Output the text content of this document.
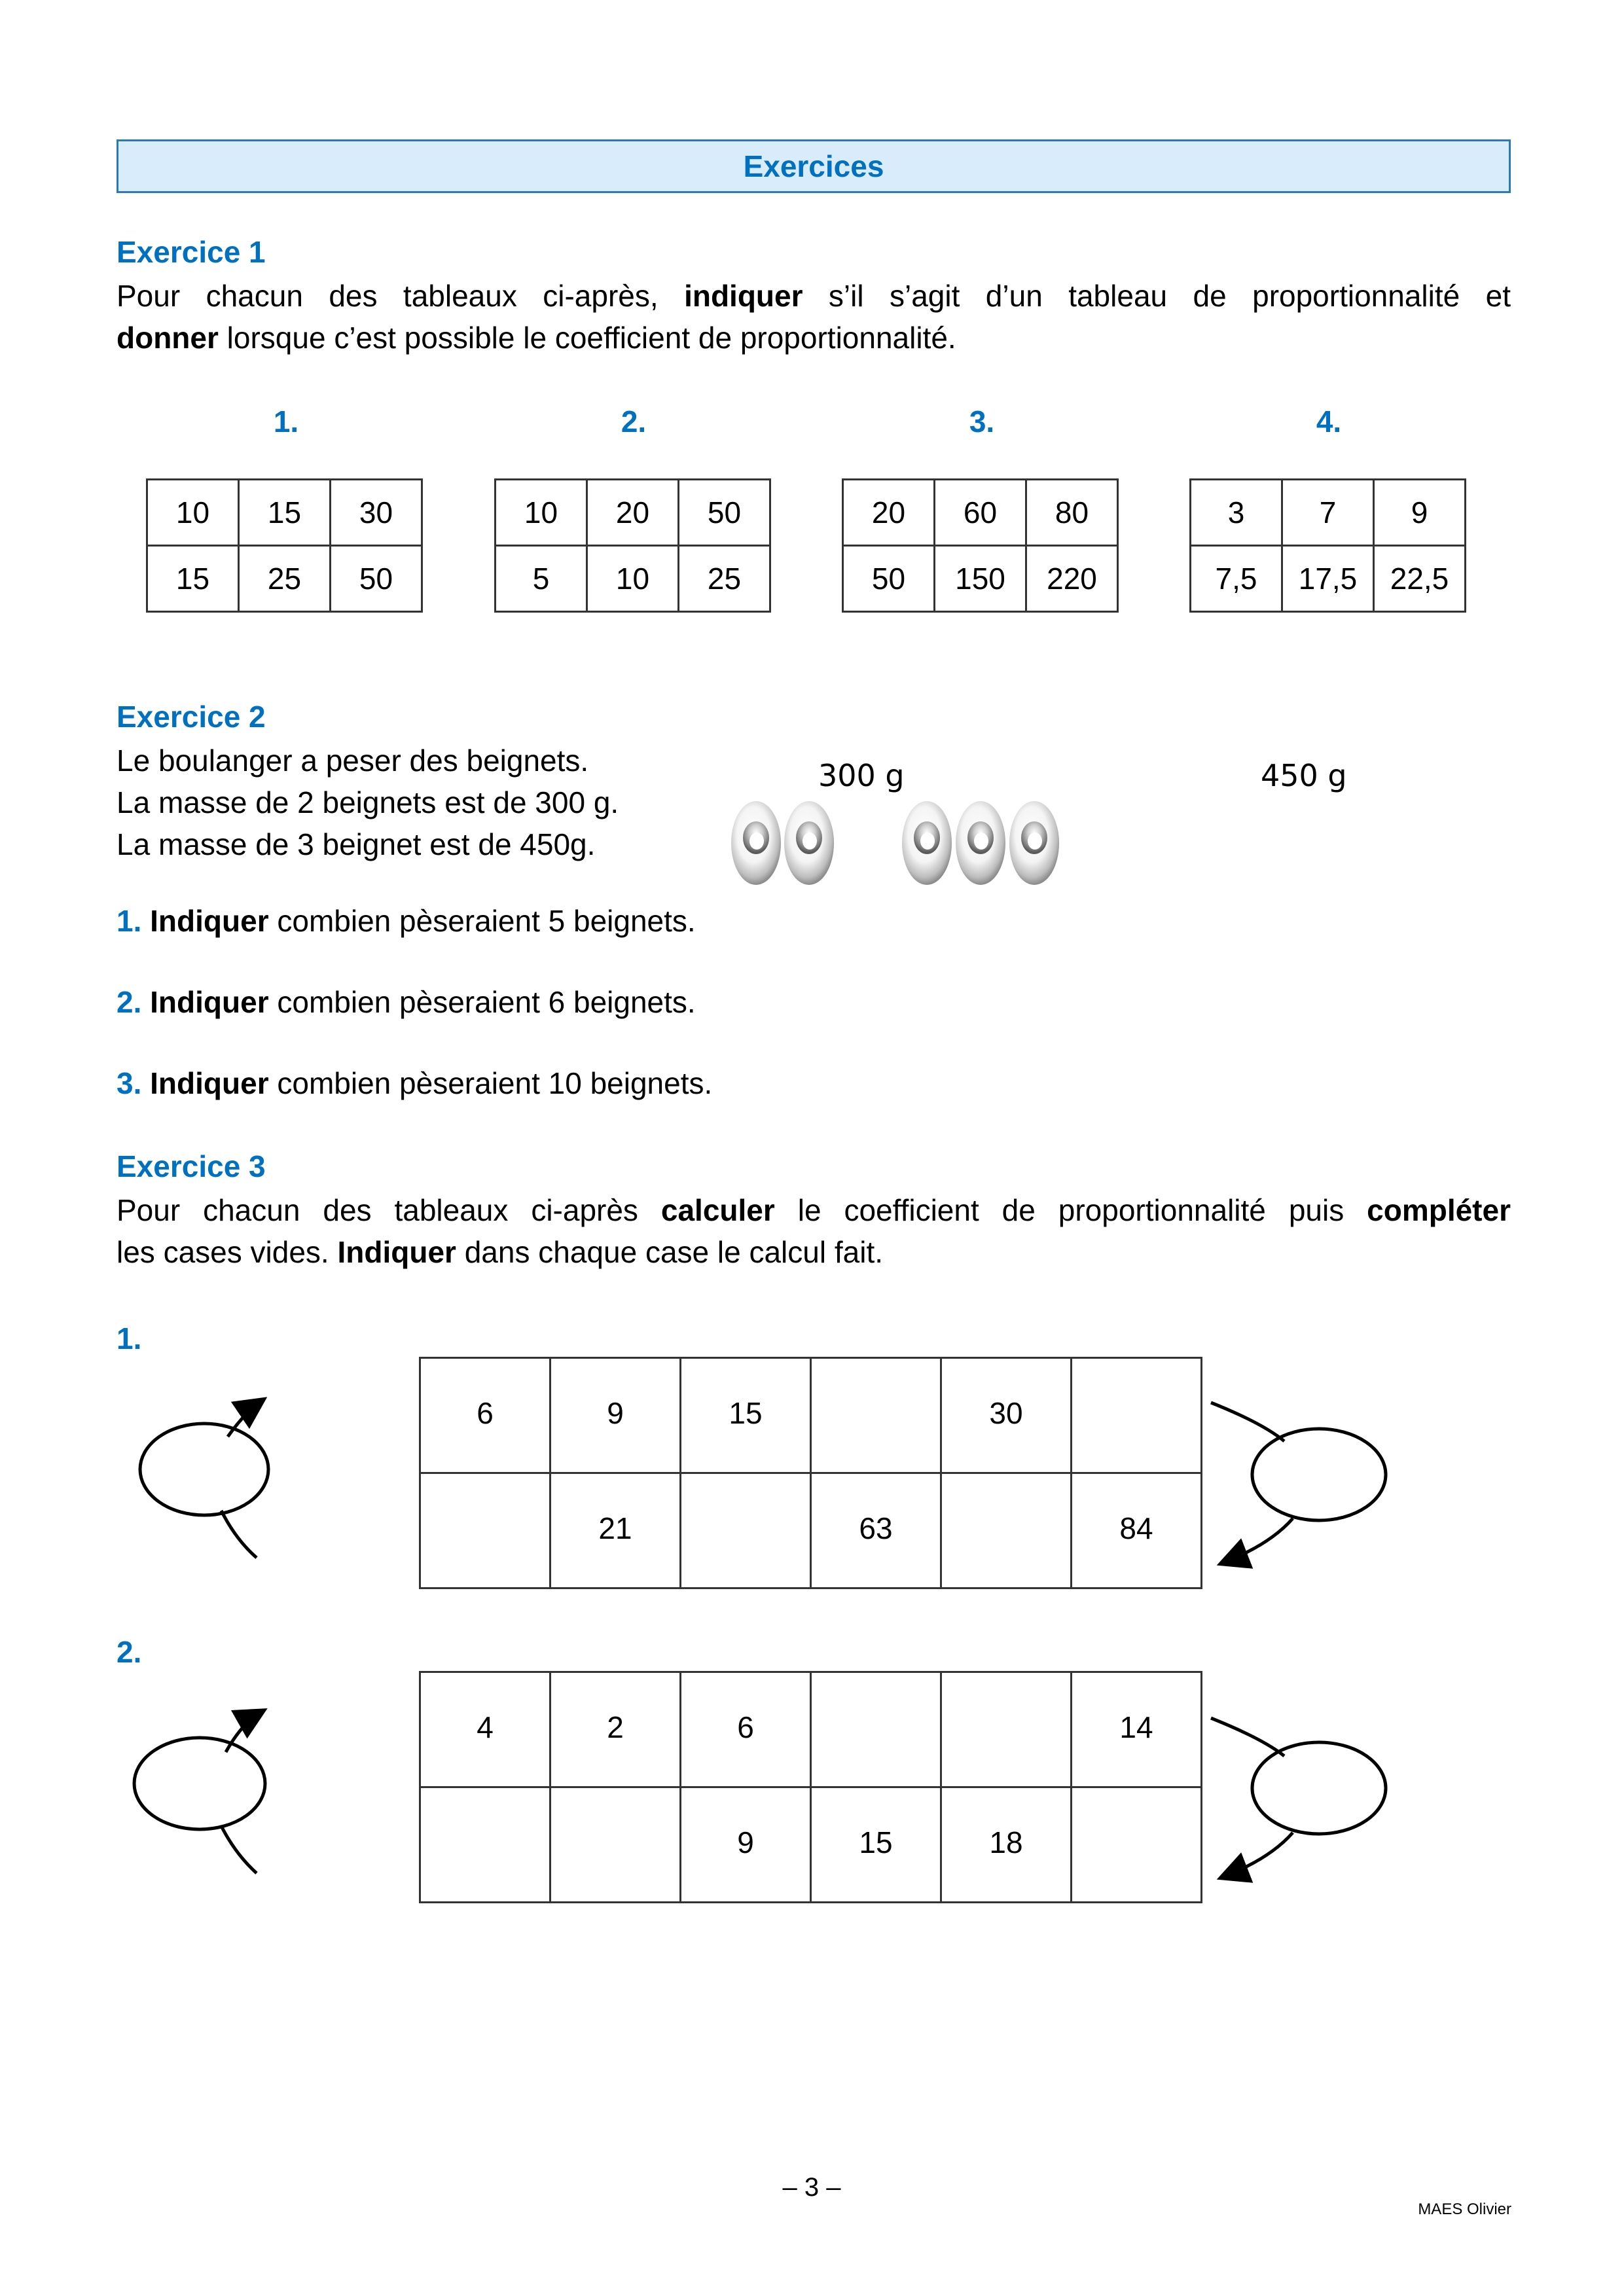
Exercices
Exercice 1
Pour chacun des tableaux ci-après, indiquer s’il s’agit d’un tableau de proportionnalité et
donner lorsque c’est possible le coefficient de proportionnalité.
1.	2.	3.	4.
10	15	30
15	25	50
10	20	50
5	10	25
20	60	80
50	150	220
3	7	9
7,5	17,5	22,5
Exercice 2
Le boulanger a peser des beignets.
La masse de 2 beignets est de 300 g.
La masse de 3 beignet est de 450g.
300 g	450 g
1. Indiquer combien pèseraient 5 beignets.
2. Indiquer combien pèseraient 6 beignets.
3. Indiquer combien pèseraient 10 beignets.
Exercice 3
Pour chacun des tableaux ci-après calculer le coefficient de proportionnalité puis compléter
les cases vides. Indiquer dans chaque case le calcul fait.
1.
6	9	15		30	
	21		63		84
2.
4	2	6			14
		9	15	18	
– 3 –
MAES Olivier
